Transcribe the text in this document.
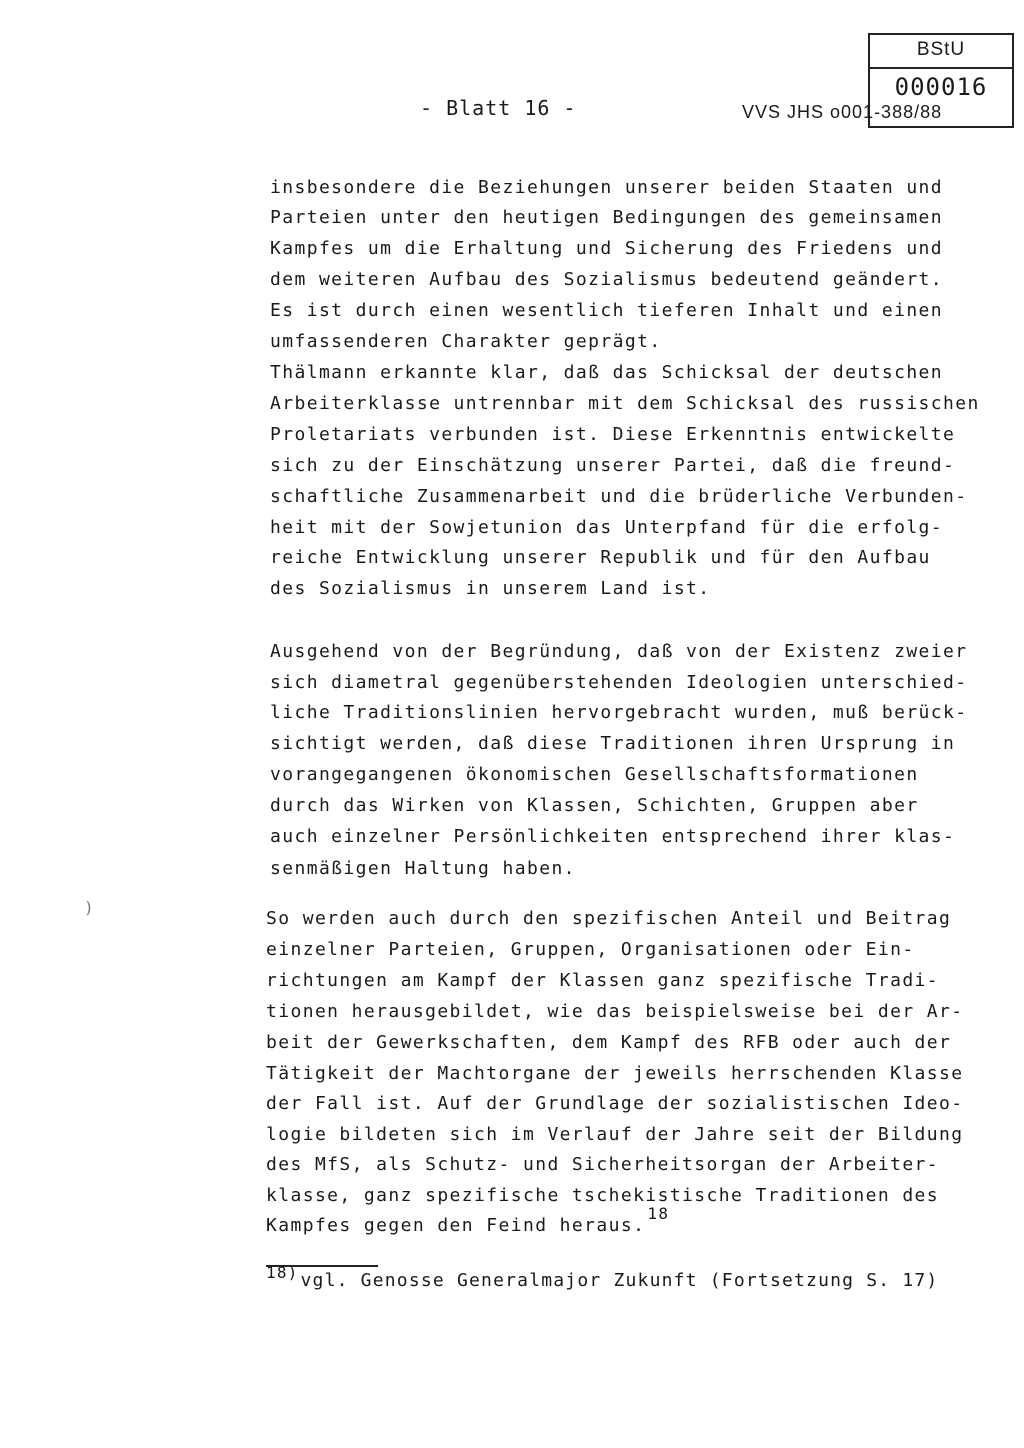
BStU
000016
- Blatt 16 -	VVS JHS o001-388/88
)
insbesondere die Beziehungen unserer beiden Staaten und
Parteien unter den heutigen Bedingungen des gemeinsamen
Kampfes um die Erhaltung und Sicherung des Friedens und
dem weiteren Aufbau des Sozialismus bedeutend geändert.
Es ist durch einen wesentlich tieferen Inhalt und einen
umfassenderen Charakter geprägt.
Thälmann erkannte klar, daß das Schicksal der deutschen
Arbeiterklasse untrennbar mit dem Schicksal des russischen
Proletariats verbunden ist. Diese Erkenntnis entwickelte
sich zu der Einschätzung unserer Partei, daß die freund-
schaftliche Zusammenarbeit und die brüderliche Verbunden-
heit mit der Sowjetunion das Unterpfand für die erfolg-
reiche Entwicklung unserer Republik und für den Aufbau
des Sozialismus in unserem Land ist.
Ausgehend von der Begründung, daß von der Existenz zweier
sich diametral gegenüberstehenden Ideologien unterschied-
liche Traditionslinien hervorgebracht wurden, muß berück-
sichtigt werden, daß diese Traditionen ihren Ursprung in
vorangegangenen ökonomischen Gesellschaftsformationen
durch das Wirken von Klassen, Schichten, Gruppen aber
auch einzelner Persönlichkeiten entsprechend ihrer klas-
senmäßigen Haltung haben.
So werden auch durch den spezifischen Anteil und Beitrag
einzelner Parteien, Gruppen, Organisationen oder Ein-
richtungen am Kampf der Klassen ganz spezifische Tradi-
tionen herausgebildet, wie das beispielsweise bei der Ar-
beit der Gewerkschaften, dem Kampf des RFB oder auch der
Tätigkeit der Machtorgane der jeweils herrschenden Klasse
der Fall ist. Auf der Grundlage der sozialistischen Ideo-
logie bildeten sich im Verlauf der Jahre seit der Bildung
des MfS, als Schutz- und Sicherheitsorgan der Arbeiter-
klasse, ganz spezifische tschekistische Traditionen des
Kampfes gegen den Feind heraus.18
18) vgl. Genosse Generalmajor Zukunft (Fortsetzung S. 17)
